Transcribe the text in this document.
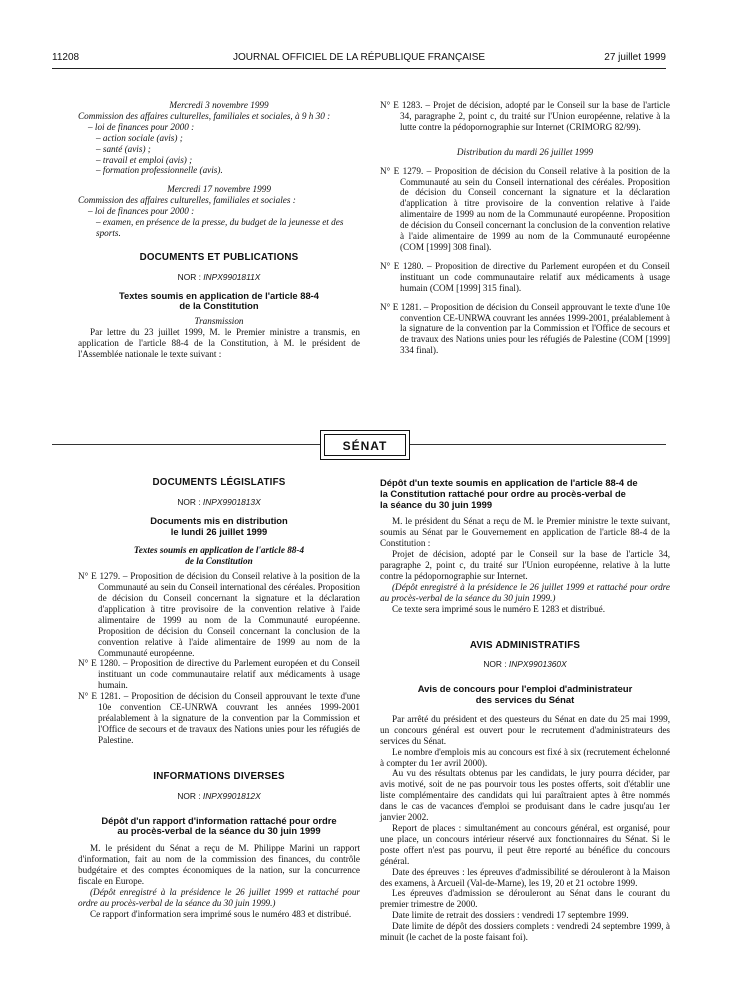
11208	JOURNAL OFFICIEL DE LA RÉPUBLIQUE FRANÇAISE	27 juillet 1999

Mercredi 3 novembre 1999

Commission des affaires culturelles, familiales et sociales, à 9 h 30 :

– loi de finances pour 2000 :

– action sociale (avis) ;

– santé (avis) ;

– travail et emploi (avis) ;

– formation professionnelle (avis).

Mercredi 17 novembre 1999

Commission des affaires culturelles, familiales et sociales :

– loi de finances pour 2000 :

– examen, en présence de la presse, du budget de la jeunesse et des sports.

DOCUMENTS ET PUBLICATIONS

NOR : INPX9901811X

Textes soumis en application de l'article 88-4 de la Constitution

Transmission

Par lettre du 23 juillet 1999, M. le Premier ministre a transmis, en application de l'article 88-4 de la Constitution, à M. le président de l'Assemblée nationale le texte suivant :

N° E 1283. – Projet de décision, adopté par le Conseil sur la base de l'article 34, paragraphe 2, point c, du traité sur l'Union européenne, relative à la lutte contre la pédopornographie sur Internet (CRIMORG 82/99).

Distribution du mardi 26 juillet 1999

N° E 1279. – Proposition de décision du Conseil relative à la position de la Communauté au sein du Conseil international des céréales. Proposition de décision du Conseil concernant la signature et la déclaration d'application à titre provisoire de la convention relative à l'aide alimentaire de 1999 au nom de la Communauté européenne. Proposition de décision du Conseil concernant la conclusion de la convention relative à l'aide alimentaire de 1999 au nom de la Communauté européenne (COM [1999] 308 final).

N° E 1280. – Proposition de directive du Parlement européen et du Conseil instituant un code communautaire relatif aux médicaments à usage humain (COM [1999] 315 final).

N° E 1281. – Proposition de décision du Conseil approuvant le texte d'une 10e convention CE-UNRWA couvrant les années 1999-2001, préalablement à la signature de la convention par la Commission et l'Office de secours et de travaux des Nations unies pour les réfugiés de Palestine (COM [1999] 334 final).

SÉNAT

DOCUMENTS LÉGISLATIFS

NOR : INPX9901813X

Documents mis en distribution

le lundi 26 juillet 1999

Textes soumis en application de l'article 88-4

de la Constitution

N° E 1279. – Proposition de décision du Conseil relative à la position de la Communauté au sein du Conseil international des céréales. Proposition de décision du Conseil concernant la signature et la déclaration d'application à titre provisoire de la convention relative à l'aide alimentaire de 1999 au nom de la Communauté européenne. Proposition de décision du Conseil concernant la conclusion de la convention relative à l'aide alimentaire de 1999 au nom de la Communauté européenne.

N° E 1280. – Proposition de directive du Parlement européen et du Conseil instituant un code communautaire relatif aux médicaments à usage humain.

N° E 1281. – Proposition de décision du Conseil approuvant le texte d'une 10e convention CE-UNRWA couvrant les années 1999-2001 préalablement à la signature de la convention par la Commission et l'Office de secours et de travaux des Nations unies pour les réfugiés de Palestine.

INFORMATIONS DIVERSES

NOR : INPX9901812X

Dépôt d'un rapport d'information rattaché pour ordre

au procès-verbal de la séance du 30 juin 1999

M. le président du Sénat a reçu de M. Philippe Marini un rapport d'information, fait au nom de la commission des finances, du contrôle budgétaire et des comptes économiques de la nation, sur la concurrence fiscale en Europe.

(Dépôt enregistré à la présidence le 26 juillet 1999 et rattaché pour ordre au procès-verbal de la séance du 30 juin 1999.)

Ce rapport d'information sera imprimé sous le numéro 483 et distribué.

Dépôt d'un texte soumis en application de l'article 88-4 de

la Constitution rattaché pour ordre au procès-verbal de

la séance du 30 juin 1999

M. le président du Sénat a reçu de M. le Premier ministre le texte suivant, soumis au Sénat par le Gouvernement en application de l'article 88-4 de la Constitution :

Projet de décision, adopté par le Conseil sur la base de l'article 34, paragraphe 2, point c, du traité sur l'Union européenne, relative à la lutte contre la pédopornographie sur Internet.

(Dépôt enregistré à la présidence le 26 juillet 1999 et rattaché pour ordre au procès-verbal de la séance du 30 juin 1999.)

Ce texte sera imprimé sous le numéro E 1283 et distribué.

AVIS ADMINISTRATIFS

NOR : INPX9901360X

Avis de concours pour l'emploi d'administrateur

des services du Sénat

Par arrêté du président et des questeurs du Sénat en date du 25 mai 1999, un concours général est ouvert pour le recrutement d'administrateurs des services du Sénat.

Le nombre d'emplois mis au concours est fixé à six (recrutement échelonné à compter du 1er avril 2000).

Au vu des résultats obtenus par les candidats, le jury pourra décider, par avis motivé, soit de ne pas pourvoir tous les postes offerts, soit d'établir une liste complémentaire des candidats qui lui paraîtraient aptes à être nommés dans le cas de vacances d'emploi se produisant dans le cadre jusqu'au 1er janvier 2002.

Report de places : simultanément au concours général, est organisé, pour une place, un concours intérieur réservé aux fonctionnaires du Sénat. Si le poste offert n'est pas pourvu, il peut être reporté au bénéfice du concours général.

Date des épreuves : les épreuves d'admissibilité se dérouleront à la Maison des examens, à Arcueil (Val-de-Marne), les 19, 20 et 21 octobre 1999.

Les épreuves d'admission se dérouleront au Sénat dans le courant du premier trimestre de 2000.

Date limite de retrait des dossiers : vendredi 17 septembre 1999.

Date limite de dépôt des dossiers complets : vendredi 24 septembre 1999, à minuit (le cachet de la poste faisant foi).
